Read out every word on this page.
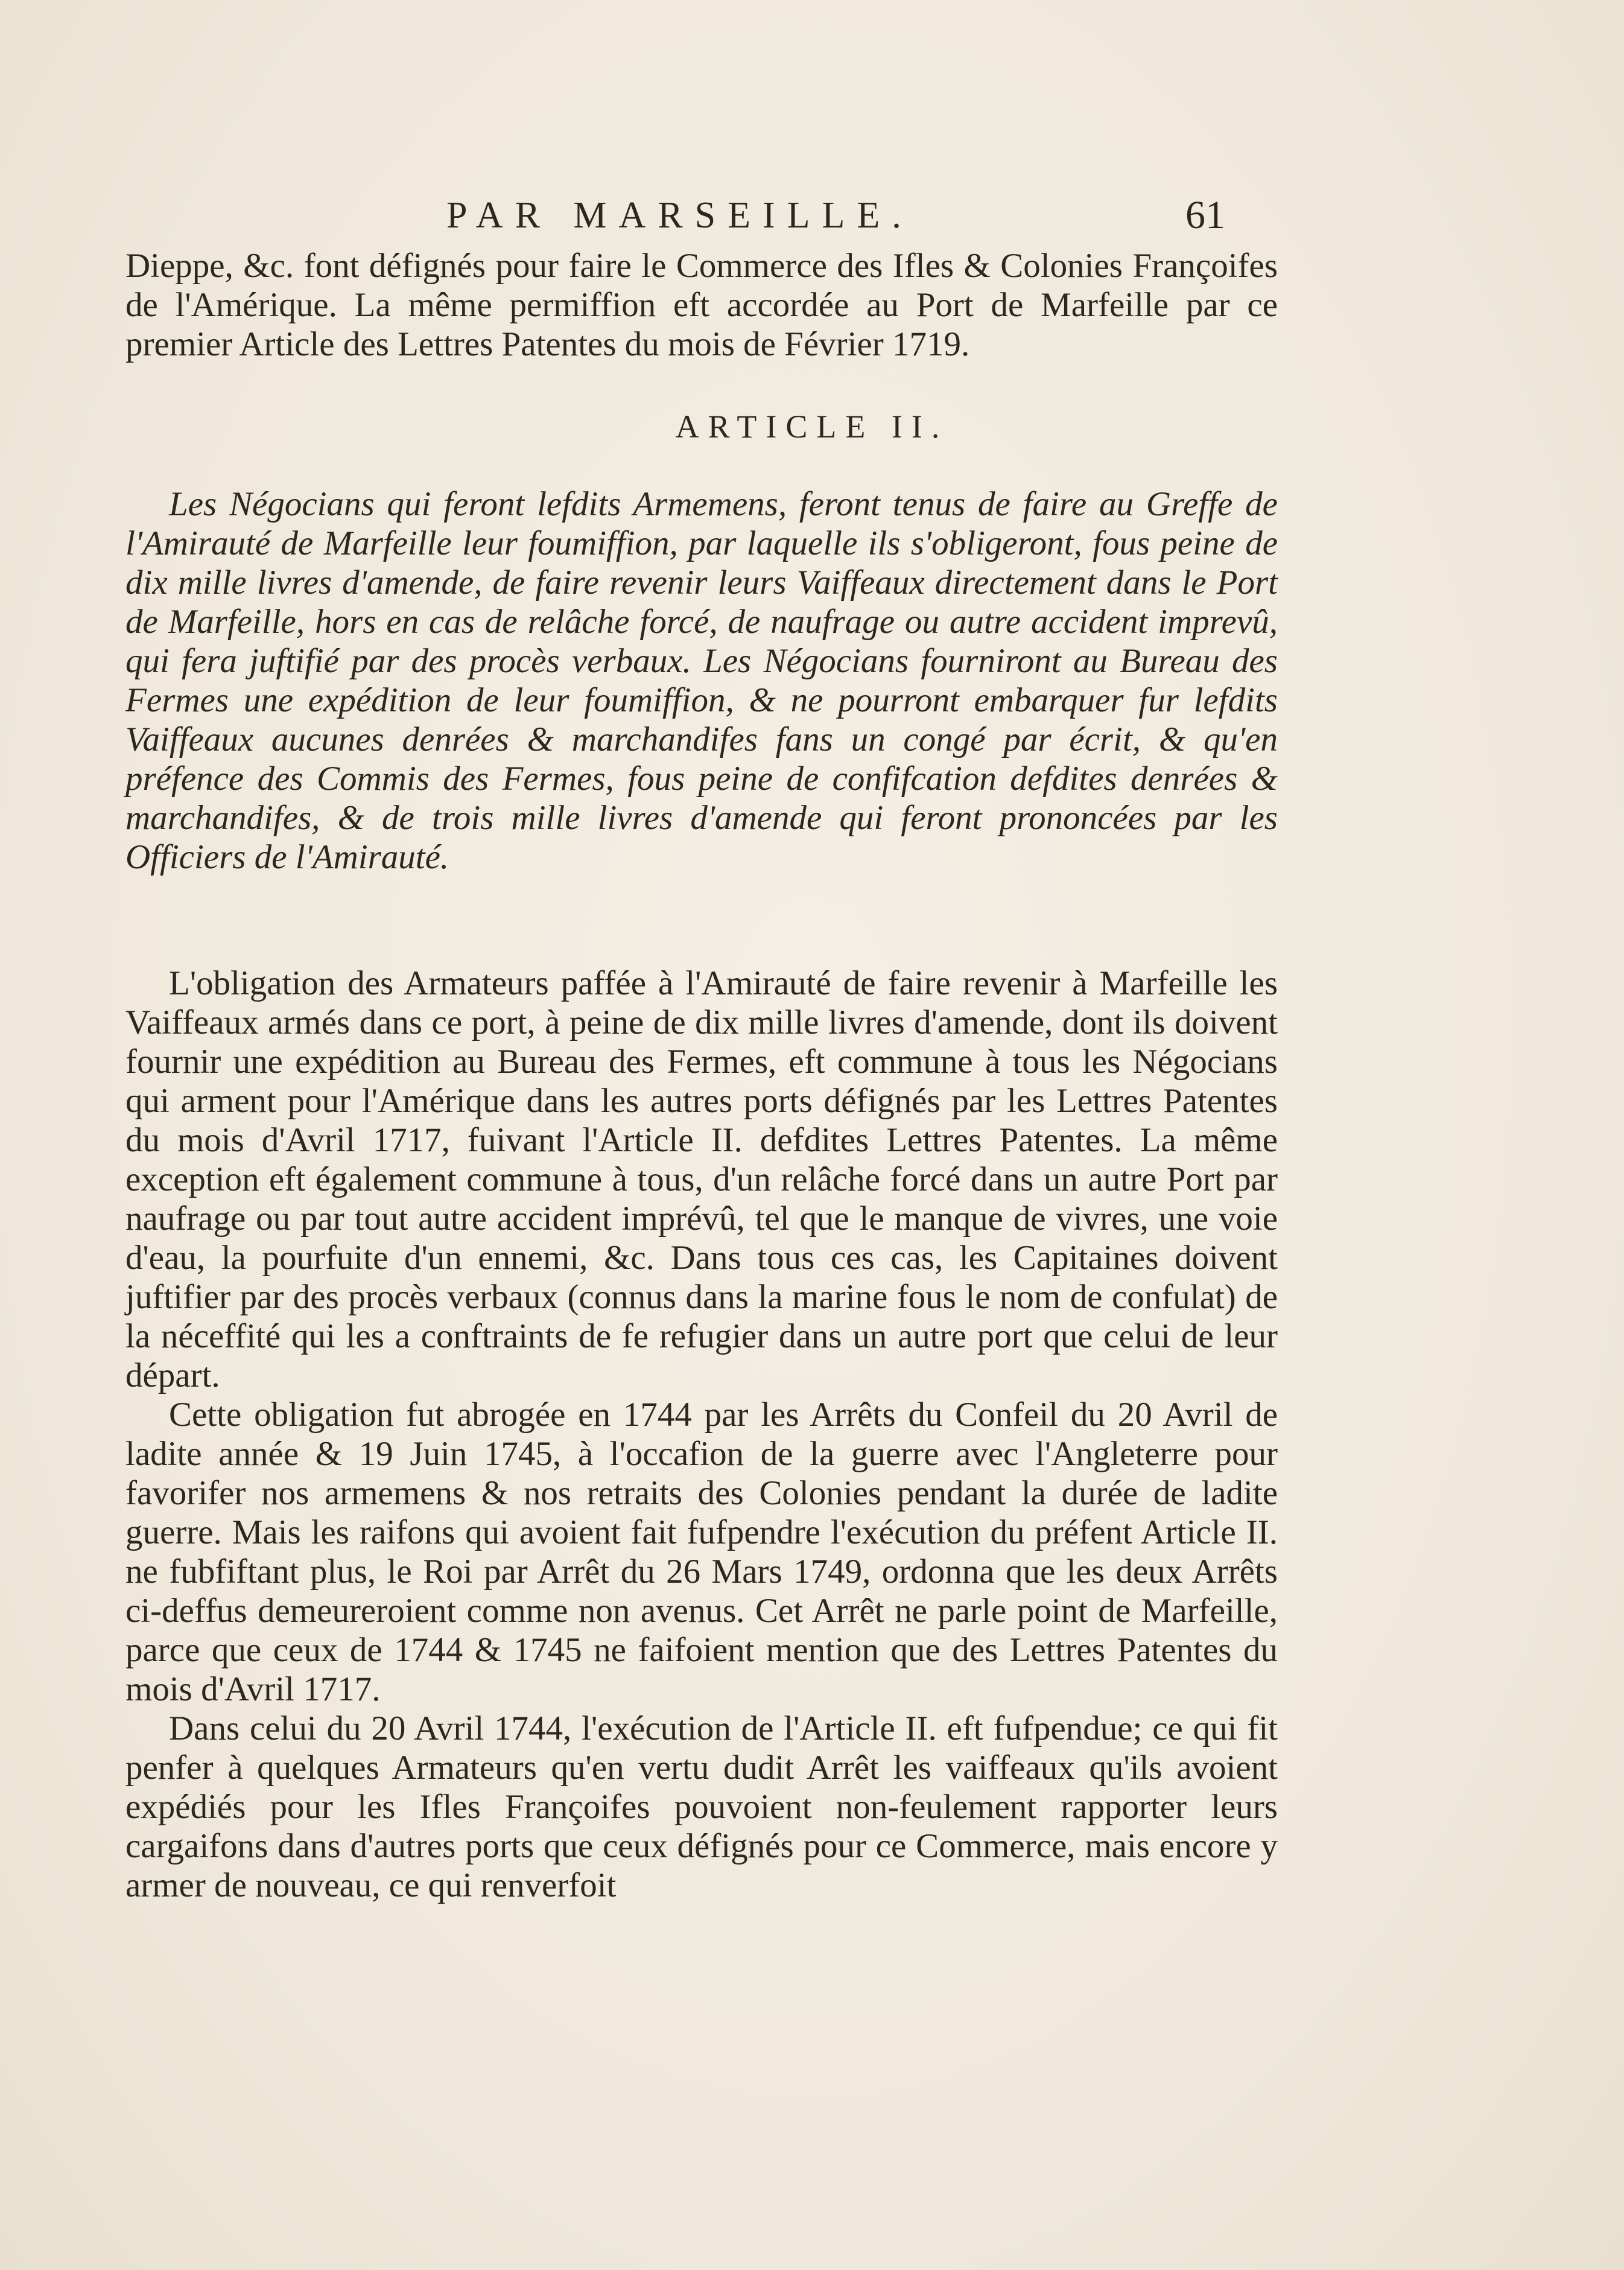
PAR MARSEILLE.	61

Dieppe, &c. font défignés pour faire le Commerce des Ifles & Colonies Françoifes de l'Amérique. La même permiffion eft accordée au Port de Marfeille par ce premier Article des Lettres Patentes du mois de Février 1719.

ARTICLE II.

Les Négocians qui feront lefdits Armemens, feront tenus de faire au Greffe de l'Amirauté de Marfeille leur foumiffion, par laquelle ils s'obligeront, fous peine de dix mille livres d'amende, de faire revenir leurs Vaiffeaux directement dans le Port de Marfeille, hors en cas de relâche forcé, de naufrage ou autre accident imprevû, qui fera juftifié par des procès verbaux. Les Négocians fourniront au Bureau des Fermes une expédition de leur foumiffion, & ne pourront embarquer fur lefdits Vaiffeaux aucunes denrées & marchandifes fans un congé par écrit, & qu'en préfence des Commis des Fermes, fous peine de confifcation defdites denrées & marchandifes, & de trois mille livres d'amende qui feront prononcées par les Officiers de l'Amirauté.

L'obligation des Armateurs paffée à l'Amirauté de faire revenir à Marfeille les Vaiffeaux armés dans ce port, à peine de dix mille livres d'amende, dont ils doivent fournir une expédition au Bureau des Fermes, eft commune à tous les Négocians qui arment pour l'Amérique dans les autres ports défignés par les Lettres Patentes du mois d'Avril 1717, fuivant l'Article II. defdites Lettres Patentes. La même exception eft également commune à tous, d'un relâche forcé dans un autre Port par naufrage ou par tout autre accident imprévû, tel que le manque de vivres, une voie d'eau, la pourfuite d'un ennemi, &c. Dans tous ces cas, les Capitaines doivent juftifier par des procès verbaux (connus dans la marine fous le nom de confulat) de la néceffité qui les a conftraints de fe refugier dans un autre port que celui de leur départ.

Cette obligation fut abrogée en 1744 par les Arrêts du Confeil du 20 Avril de ladite année & 19 Juin 1745, à l'occafion de la guerre avec l'Angleterre pour favorifer nos armemens & nos retraits des Colonies pendant la durée de ladite guerre. Mais les raifons qui avoient fait fufpendre l'exécution du préfent Article II. ne fubfiftant plus, le Roi par Arrêt du 26 Mars 1749, ordonna que les deux Arrêts ci-deffus demeureroient comme non avenus. Cet Arrêt ne parle point de Marfeille, parce que ceux de 1744 & 1745 ne faifoient mention que des Lettres Patentes du mois d'Avril 1717.

Dans celui du 20 Avril 1744, l'exécution de l'Article II. eft fufpendue; ce qui fit penfer à quelques Armateurs qu'en vertu dudit Arrêt les vaiffeaux qu'ils avoient expédiés pour les Ifles Françoifes pouvoient non-feulement rapporter leurs cargaifons dans d'autres ports que ceux défignés pour ce Commerce, mais encore y armer de nouveau, ce qui renverfoit
